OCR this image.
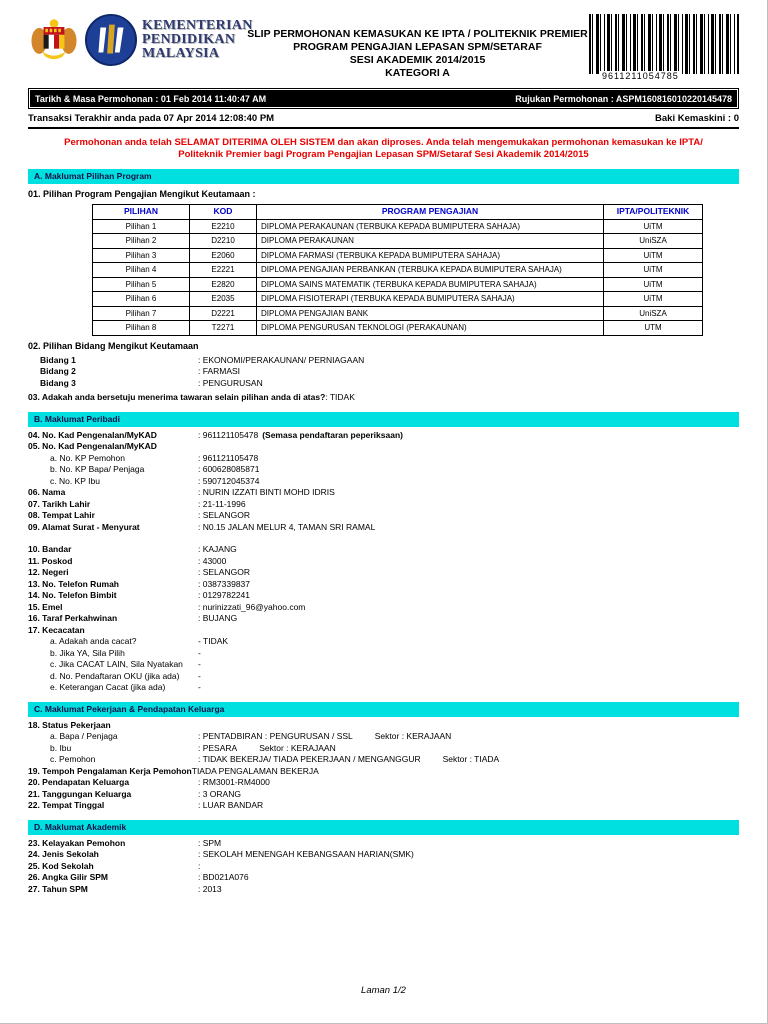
KEMENTERIAN
PENDIDIKAN
MALAYSIA
SLIP PERMOHONAN KEMASUKAN KE IPTA / POLITEKNIK PREMIER
PROGRAM PENGAJIAN LEPASAN SPM/SETARAF
SESI AKADEMIK 2014/2015
KATEGORI A	9611211054785
Tarikh & Masa Permohonan : 01 Feb 2014 11:40:47 AM	Rujukan Permohonan : ASPM160816010220145478
Transaksi Terakhir anda pada 07 Apr 2014 12:08:40 PM	Baki Kemaskini : 0
Permohonan anda telah SELAMAT DITERIMA OLEH SISTEM dan akan diproses. Anda telah mengemukakan permohonan kemasukan ke IPTA/ Politeknik Premier bagi Program Pengajian Lepasan SPM/Setaraf Sesi Akademik 2014/2015
A. Maklumat Pilihan Program
01. Pilihan Program Pengajian Mengikut Keutamaan :
PILIHAN	KOD	PROGRAM PENGAJIAN	IPTA/POLITEKNIK
Pilihan 1	E2210	DIPLOMA PERAKAUNAN (TERBUKA KEPADA BUMIPUTERA SAHAJA)	UiTM
Pilihan 2	D2210	DIPLOMA PERAKAUNAN	UniSZA
Pilihan 3	E2060	DIPLOMA FARMASI (TERBUKA KEPADA BUMIPUTERA SAHAJA)	UiTM
Pilihan 4	E2221	DIPLOMA PENGAJIAN PERBANKAN (TERBUKA KEPADA BUMIPUTERA SAHAJA)	UiTM
Pilihan 5	E2820	DIPLOMA SAINS MATEMATIK (TERBUKA KEPADA BUMIPUTERA SAHAJA)	UiTM
Pilihan 6	E2035	DIPLOMA FISIOTERAPI (TERBUKA KEPADA BUMIPUTERA SAHAJA)	UiTM
Pilihan 7	D2221	DIPLOMA PENGAJIAN BANK	UniSZA
Pilihan 8	T2271	DIPLOMA PENGURUSAN TEKNOLOGI (PERAKAUNAN)	UTM
02. Pilihan Bidang Mengikut Keutamaan
Bidang 1	: EKONOMI/PERAKAUNAN/ PERNIAGAAN
Bidang 2	: FARMASI
Bidang 3	: PENGURUSAN
03. Adakah anda bersetuju menerima tawaran selain pilihan anda di atas? : TIDAK
B. Maklumat Peribadi
04. No. Kad Pengenalan/MyKAD	: 961121105478 (Semasa pendaftaran peperiksaan)
05. No. Kad Pengenalan/MyKAD
a. No. KP Pemohon	: 961121105478
b. No. KP Bapa/ Penjaga	: 600628085871
c. No. KP Ibu	: 590712045374
06. Nama	: NURIN IZZATI BINTI MOHD IDRIS
07. Tarikh Lahir	: 21-11-1996
08. Tempat Lahir	: SELANGOR
09. Alamat Surat - Menyurat	: N0.15 JALAN MELUR 4, TAMAN SRI RAMAL
10. Bandar	: KAJANG
11. Poskod	: 43000
12. Negeri	: SELANGOR
13. No. Telefon Rumah	: 0387339837
14. No. Telefon Bimbit	: 0129782241
15. Emel	: nurinizzati_96@yahoo.com
16. Taraf Perkahwinan	: BUJANG
17. Kecacatan
a. Adakah anda cacat?	- TIDAK
b. Jika YA, Sila Pilih	-
c. Jika CACAT LAIN, Sila Nyatakan	-
d. No. Pendaftaran OKU (jika ada)	-
e. Keterangan Cacat (jika ada)	-
C. Maklumat Pekerjaan & Pendapatan Keluarga
18. Status Pekerjaan
a. Bapa / Penjaga	: PENTADBIRAN : PENGURUSAN / SSL	Sektor : KERAJAAN
b. Ibu	: PESARA	Sektor : KERAJAAN
c. Pemohon	: TIDAK BEKERJA/ TIADA PEKERJAAN / MENGANGGUR	Sektor : TIADA
19. Tempoh Pengalaman Kerja Pemohon TIADA PENGALAMAN BEKERJA
20. Pendapatan Keluarga	: RM3001-RM4000
21. Tanggungan Keluarga	: 3 ORANG
22. Tempat Tinggal	: LUAR BANDAR
D. Maklumat Akademik
23. Kelayakan Pemohon	: SPM
24. Jenis Sekolah	: SEKOLAH MENENGAH KEBANGSAAN HARIAN(SMK)
25. Kod Sekolah	:
26. Angka Gilir SPM	: BD021A076
27. Tahun SPM	: 2013
Laman 1/2
